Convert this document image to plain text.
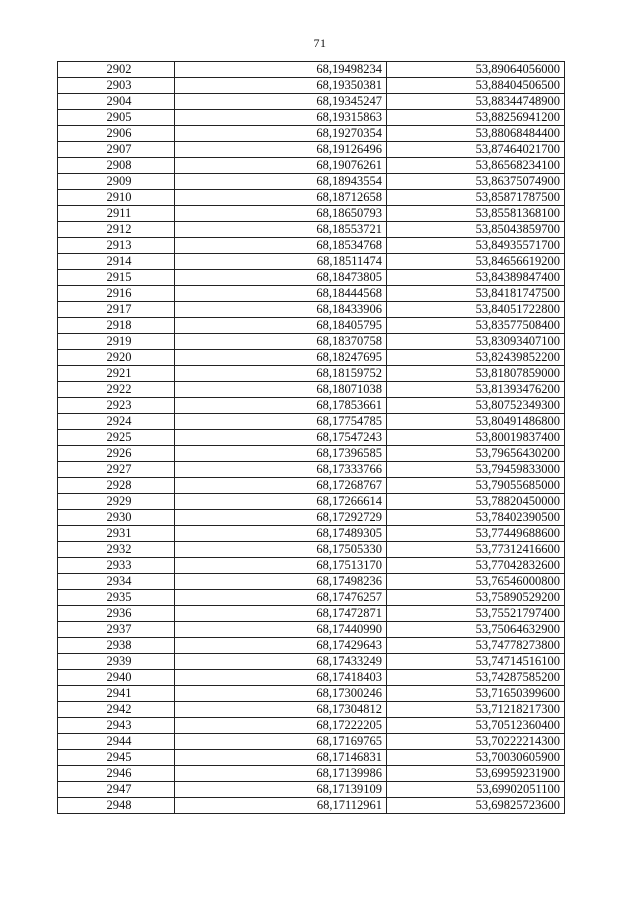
71
2902	68,19498234	53,89064056000
2903	68,19350381	53,88404506500
2904	68,19345247	53,88344748900
2905	68,19315863	53,88256941200
2906	68,19270354	53,88068484400
2907	68,19126496	53,87464021700
2908	68,19076261	53,86568234100
2909	68,18943554	53,86375074900
2910	68,18712658	53,85871787500
2911	68,18650793	53,85581368100
2912	68,18553721	53,85043859700
2913	68,18534768	53,84935571700
2914	68,18511474	53,84656619200
2915	68,18473805	53,84389847400
2916	68,18444568	53,84181747500
2917	68,18433906	53,84051722800
2918	68,18405795	53,83577508400
2919	68,18370758	53,83093407100
2920	68,18247695	53,82439852200
2921	68,18159752	53,81807859000
2922	68,18071038	53,81393476200
2923	68,17853661	53,80752349300
2924	68,17754785	53,80491486800
2925	68,17547243	53,80019837400
2926	68,17396585	53,79656430200
2927	68,17333766	53,79459833000
2928	68,17268767	53,79055685000
2929	68,17266614	53,78820450000
2930	68,17292729	53,78402390500
2931	68,17489305	53,77449688600
2932	68,17505330	53,77312416600
2933	68,17513170	53,77042832600
2934	68,17498236	53,76546000800
2935	68,17476257	53,75890529200
2936	68,17472871	53,75521797400
2937	68,17440990	53,75064632900
2938	68,17429643	53,74778273800
2939	68,17433249	53,74714516100
2940	68,17418403	53,74287585200
2941	68,17300246	53,71650399600
2942	68,17304812	53,71218217300
2943	68,17222205	53,70512360400
2944	68,17169765	53,70222214300
2945	68,17146831	53,70030605900
2946	68,17139986	53,69959231900
2947	68,17139109	53,69902051100
2948	68,17112961	53,69825723600
